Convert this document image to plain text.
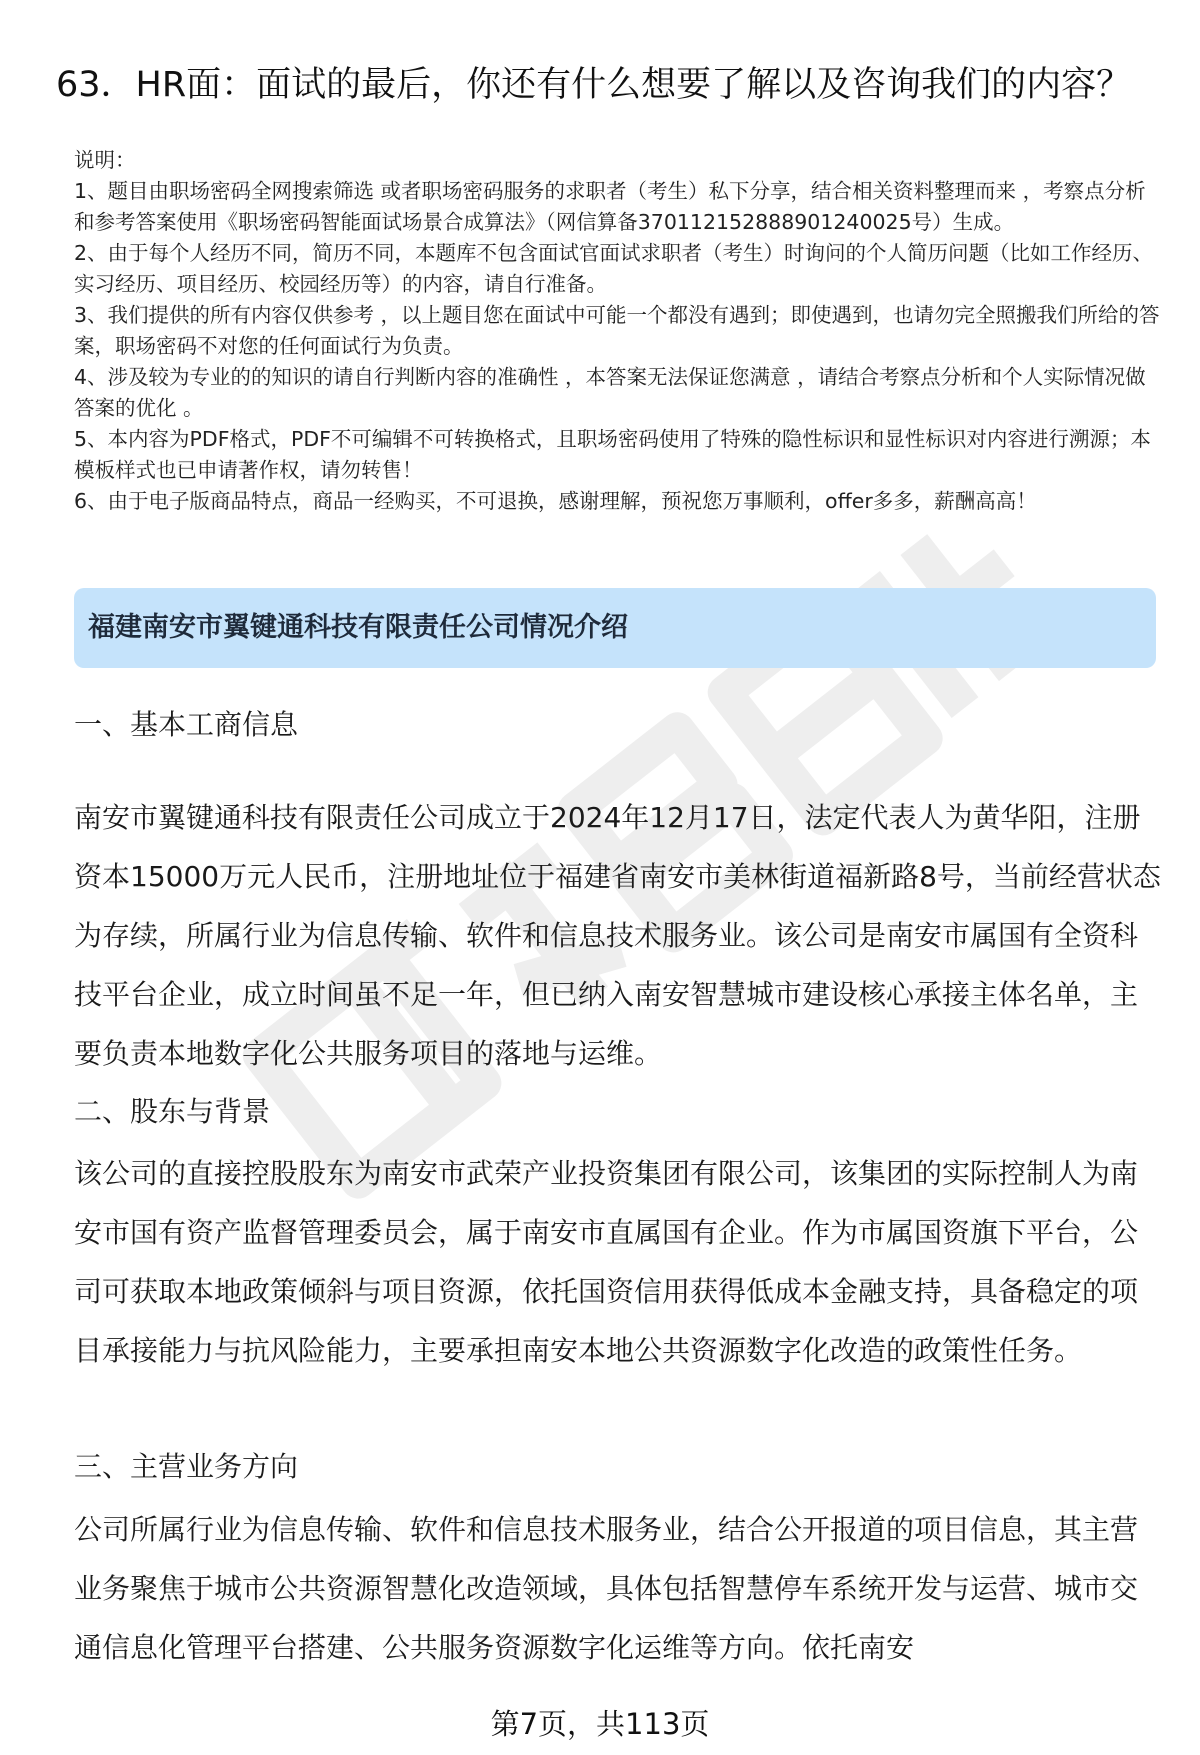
63．HR面：面试的最后，你还有什么想要了解以及咨询我们的内容？

说明：

1、题目由职场密码全网搜索筛选 或者职场密码服务的求职者（考生）私下分享，结合相关资料整理而来 ，考察点分析和参考答案使用《职场密码智能面试场景合成算法》（网信算备370112152888901240025号）生成。

2、由于每个人经历不同，简历不同，本题库不包含面试官面试求职者（考生）时询问的个人简历问题（比如工作经历、实习经历、项目经历、校园经历等）的内容，请自行准备。

3、我们提供的所有内容仅供参考 ，以上题目您在面试中可能一个都没有遇到；即使遇到，也请勿完全照搬我们所给的答案，职场密码不对您的任何面试行为负责。

4、涉及较为专业的的知识的请自行判断内容的准确性 ，本答案无法保证您满意 ，请结合考察点分析和个人实际情况做答案的优化 。

5、本内容为PDF格式，PDF不可编辑不可转换格式，且职场密码使用了特殊的隐性标识和显性标识对内容进行溯源；本模板样式也已申请著作权，请勿转售！

6、由于电子版商品特点，商品一经购买，不可退换，感谢理解，预祝您万事顺利，offer多多，薪酬高高！

福建南安市翼键通科技有限责任公司情况介绍
一、基本工商信息

南安市翼键通科技有限责任公司成立于2024年12月17日，法定代表人为黄华阳，注册资本15000万元人民币，注册地址位于福建省南安市美林街道福新路8号，当前经营状态为存续，所属行业为信息传输、软件和信息技术服务业。该公司是南安市属国有全资科技平台企业，成立时间虽不足一年，但已纳入南安智慧城市建设核心承接主体名单，主要负责本地数字化公共服务项目的落地与运维。

二、股东与背景

该公司的直接控股股东为南安市武荣产业投资集团有限公司，该集团的实际控制人为南安市国有资产监督管理委员会，属于南安市直属国有企业。作为市属国资旗下平台，公司可获取本地政策倾斜与项目资源，依托国资信用获得低成本金融支持，具备稳定的项目承接能力与抗风险能力，主要承担南安本地公共资源数字化改造的政策性任务。

三、主营业务方向

公司所属行业为信息传输、软件和信息技术服务业，结合公开报道的项目信息，其主营业务聚焦于城市公共资源智慧化改造领域，具体包括智慧停车系统开发与运营、城市交通信息化管理平台搭建、公共服务资源数字化运维等方向。依托南安

第7页，共113页
